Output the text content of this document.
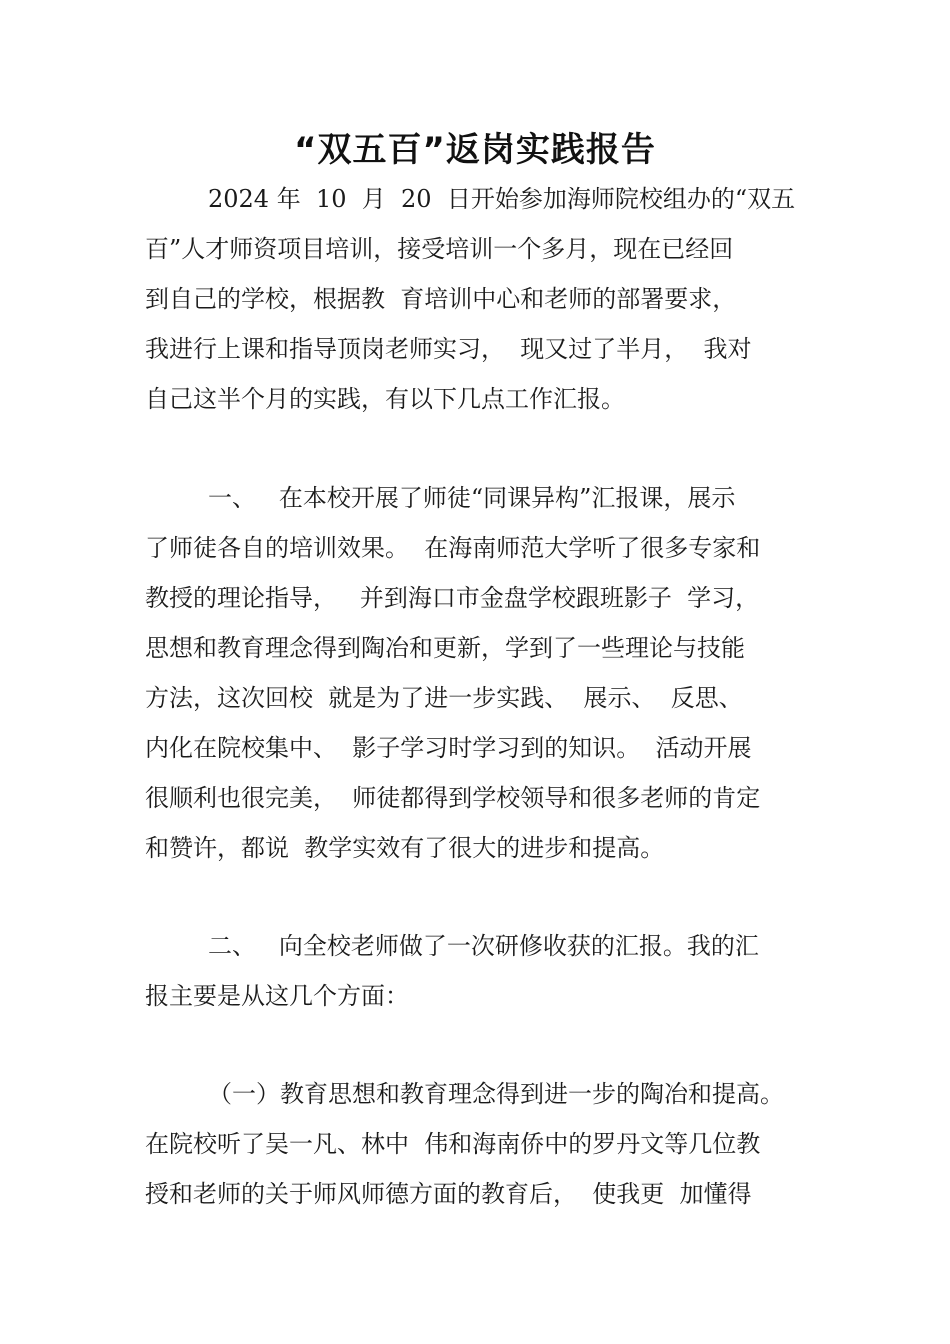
“双五百”返岗实践报告

2024 年  10  月  20  日开始参加海师院校组办的“双五

百”人才师资项目培训，接受培训一个多月，现在已经回

到自己的学校，根据教  育培训中心和老师的部署要求，

我进行上课和指导顶岗老师实习，  现又过了半月，  我对

自己这半个月的实践，有以下几点工作汇报。

一、   在本校开展了师徒“同课异构”汇报课，展示

了师徒各自的培训效果。  在海南师范大学听了很多专家和

教授的理论指导，   并到海口市金盘学校跟班影子  学习，

思想和教育理念得到陶冶和更新，学到了一些理论与技能

方法，这次回校  就是为了进一步实践、  展示、  反思、

内化在院校集中、  影子学习时学习到的知识。  活动开展

很顺利也很完美，  师徒都得到学校领导和很多老师的肯定

和赞许，都说  教学实效有了很大的进步和提高。

二、   向全校老师做了一次研修收获的汇报。我的汇

报主要是从这几个方面：

（一）教育思想和教育理念得到进一步的陶冶和提高。

在院校听了吴一凡、林中  伟和海南侨中的罗丹文等几位教

授和老师的关于师风师德方面的教育后，  使我更  加懂得
